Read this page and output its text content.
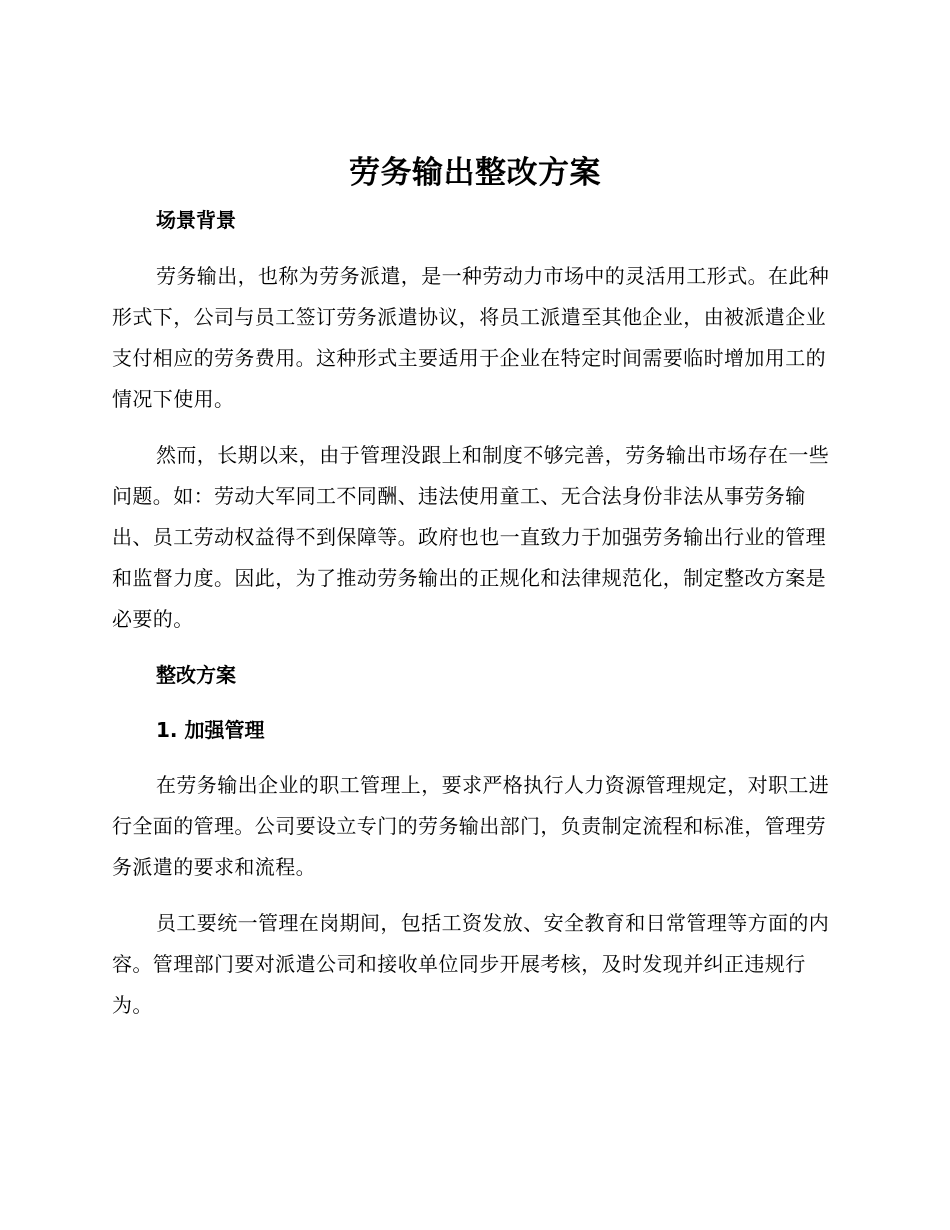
劳务输出整改方案

场景背景

劳务输出，也称为劳务派遣，是一种劳动力市场中的灵活用工形式。在此种形式下，公司与员工签订劳务派遣协议，将员工派遣至其他企业，由被派遣企业支付相应的劳务费用。这种形式主要适用于企业在特定时间需要临时增加用工的情况下使用。

然而，长期以来，由于管理没跟上和制度不够完善，劳务输出市场存在一些问题。如：劳动大军同工不同酬、违法使用童工、无合法身份非法从事劳务输出、员工劳动权益得不到保障等。政府也也一直致力于加强劳务输出行业的管理和监督力度。因此，为了推动劳务输出的正规化和法律规范化，制定整改方案是必要的。

整改方案

1. 加强管理

在劳务输出企业的职工管理上，要求严格执行人力资源管理规定，对职工进行全面的管理。公司要设立专门的劳务输出部门，负责制定流程和标准，管理劳务派遣的要求和流程。

员工要统一管理在岗期间，包括工资发放、安全教育和日常管理等方面的内容。管理部门要对派遣公司和接收单位同步开展考核，及时发现并纠正违规行为。
